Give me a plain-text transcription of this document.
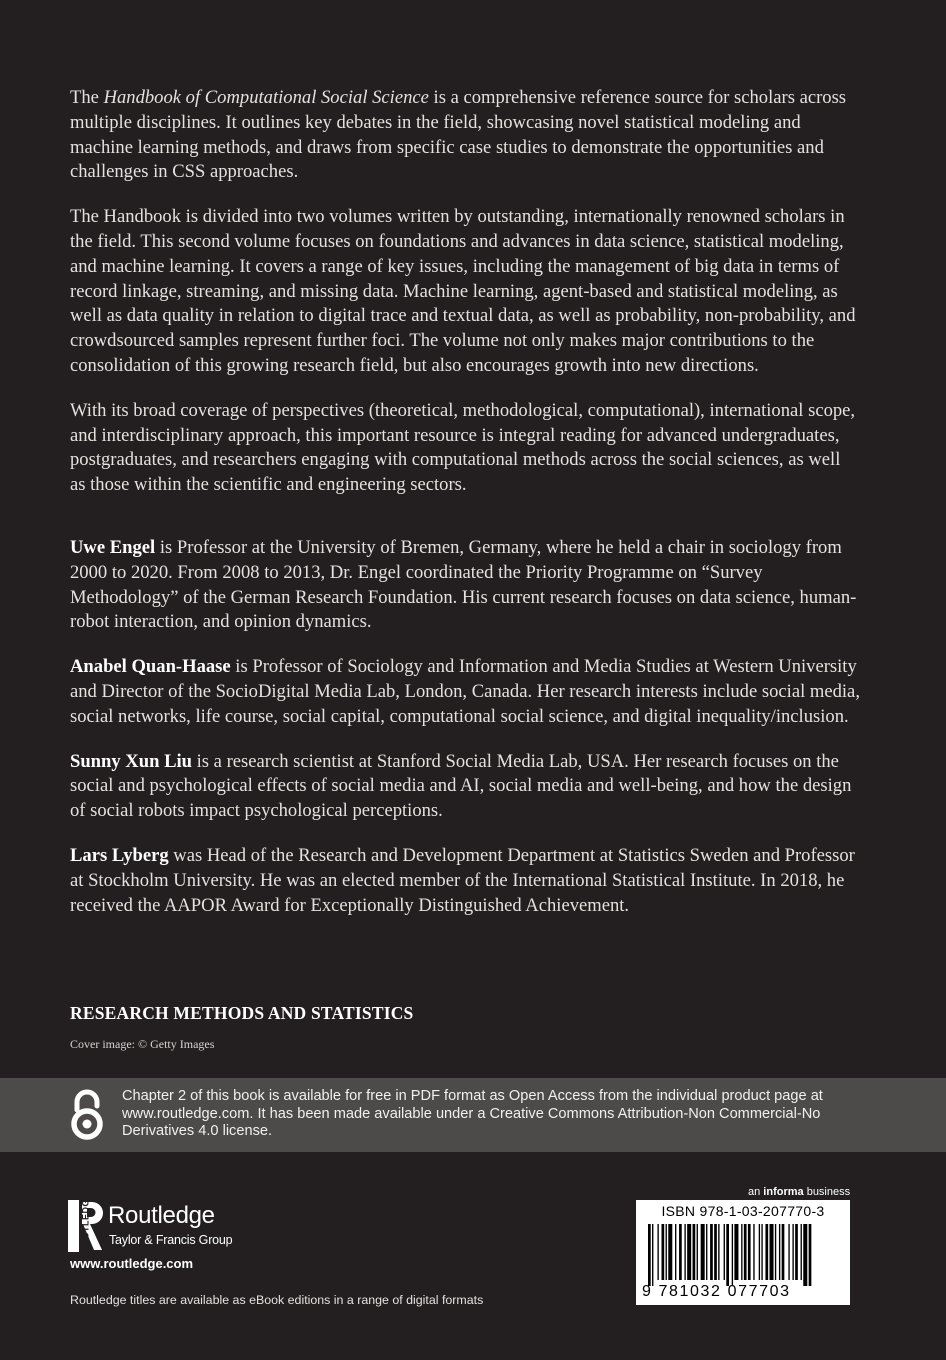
The Handbook of Computational Social Science is a comprehensive reference source for scholars across multiple disciplines. It outlines key debates in the field, showcasing novel statistical modeling and machine learning methods, and draws from specific case studies to demonstrate the opportunities and challenges in CSS approaches.

The Handbook is divided into two volumes written by outstanding, internationally renowned scholars in the field. This second volume focuses on foundations and advances in data science, statistical modeling, and machine learning. It covers a range of key issues, including the management of big data in terms of record linkage, streaming, and missing data. Machine learning, agent-based and statistical modeling, as well as data quality in relation to digital trace and textual data, as well as probability, non-probability, and crowdsourced samples represent further foci. The volume not only makes major contributions to the consolidation of this growing research field, but also encourages growth into new directions.

With its broad coverage of perspectives (theoretical, methodological, computational), international scope, and interdisciplinary approach, this important resource is integral reading for advanced undergraduates, postgraduates, and researchers engaging with computational methods across the social sciences, as well as those within the scientific and engineering sectors.

Uwe Engel is Professor at the University of Bremen, Germany, where he held a chair in sociology from 2000 to 2020. From 2008 to 2013, Dr. Engel coordinated the Priority Programme on “Survey Methodology” of the German Research Foundation. His current research focuses on data science, human-robot interaction, and opinion dynamics.

Anabel Quan-Haase is Professor of Sociology and Information and Media Studies at Western University and Director of the SocioDigital Media Lab, London, Canada. Her research interests include social media, social networks, life course, social capital, computational social science, and digital inequality/inclusion.

Sunny Xun Liu is a research scientist at Stanford Social Media Lab, USA. Her research focuses on the social and psychological effects of social media and AI, social media and well-being, and how the design of social robots impact psychological perceptions.

Lars Lyberg was Head of the Research and Development Department at Statistics Sweden and Professor at Stockholm University. He was an elected member of the International Statistical Institute. In 2018, he received the AAPOR Award for Exceptionally Distinguished Achievement.

RESEARCH METHODS AND STATISTICS
Cover image: © Getty Images
Chapter 2 of this book is available for free in PDF format as Open Access from the individual product page at www.routledge.com. It has been made available under a Creative Commons Attribution-Non Commercial-No Derivatives 4.0 license.
ROUTLEDGE Routledge
Taylor & Francis Group
www.routledge.com
Routledge titles are available as eBook editions in a range of digital formats
an informa business
ISBN 978-1-03-207770-3
9 781032 077703
